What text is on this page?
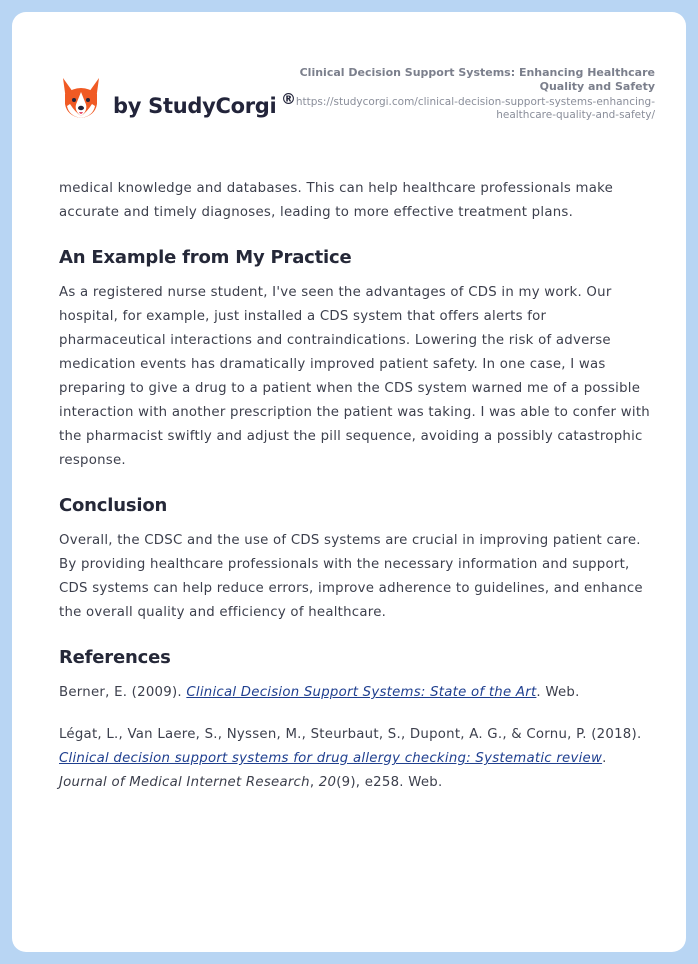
by StudyCorgi ®
Clinical Decision Support Systems: Enhancing Healthcare Quality and Safety
https://studycorgi.com/clinical-decision-support-systems-enhancing-healthcare-quality-and-safety/

medical knowledge and databases. This can help healthcare professionals make accurate and timely diagnoses, leading to more effective treatment plans.

An Example from My Practice

As a registered nurse student, I've seen the advantages of CDS in my work. Our hospital, for example, just installed a CDS system that offers alerts for pharmaceutical interactions and contraindications. Lowering the risk of adverse medication events has dramatically improved patient safety. In one case, I was preparing to give a drug to a patient when the CDS system warned me of a possible interaction with another prescription the patient was taking. I was able to confer with the pharmacist swiftly and adjust the pill sequence, avoiding a possibly catastrophic response.

Conclusion

Overall, the CDSC and the use of CDS systems are crucial in improving patient care. By providing healthcare professionals with the necessary information and support, CDS systems can help reduce errors, improve adherence to guidelines, and enhance the overall quality and efficiency of healthcare.

References

Berner, E. (2009). Clinical Decision Support Systems: State of the Art. Web.

Légat, L., Van Laere, S., Nyssen, M., Steurbaut, S., Dupont, A. G., & Cornu, P. (2018). Clinical decision support systems for drug allergy checking: Systematic review. Journal of Medical Internet Research, 20(9), e258. Web.
